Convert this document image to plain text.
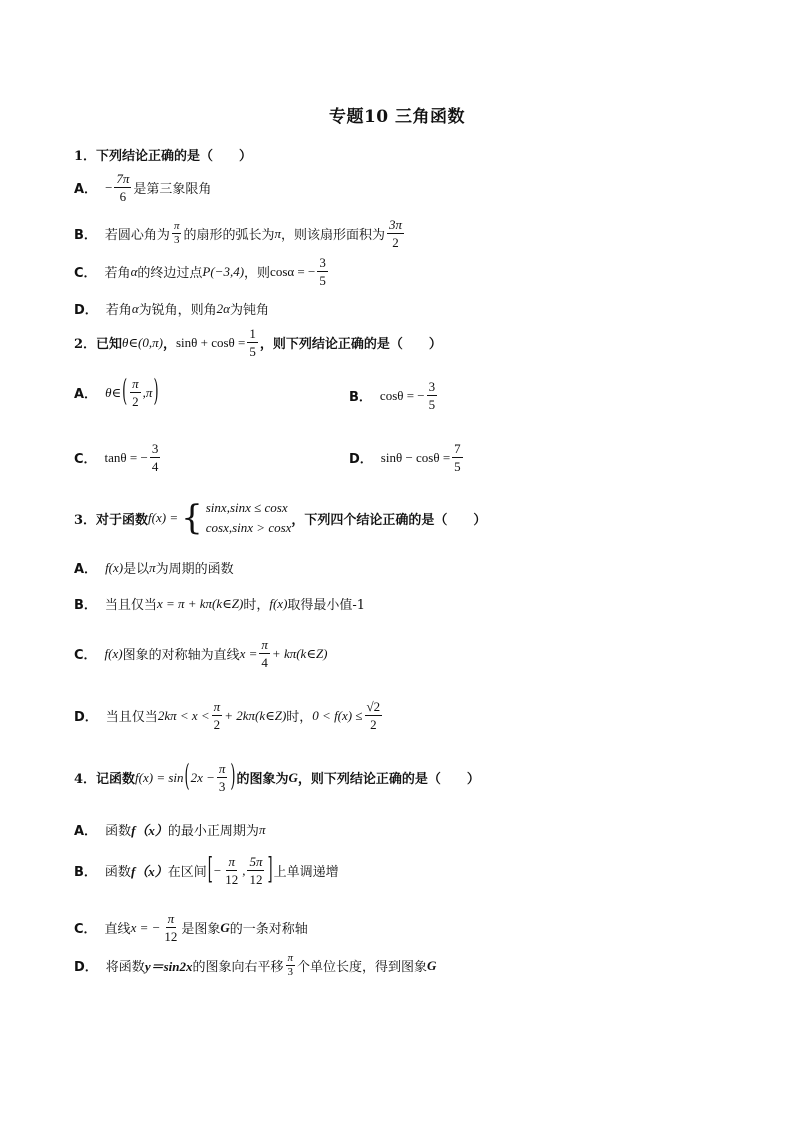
专题10 三角函数
1．下列结论正确的是（　　）
A． − $\frac{7\pi}{6}$ 是第三象限角
B． 若圆心角为 $\frac{\pi}{3}$ 的扇形的弧长为 π ，则该扇形面积为 $\frac{3\pi}{2}$
C． 若角 α 的终边过点 P(−3,4) ，则 cosα = − $\frac{3}{5}$
D． 若角 α 为锐角，则角 2α 为钝角
2．已知 θ∈(0,π) ， $\sin\theta + \cos\theta = \frac{1}{5}$ ，则下列结论正确的是（　　）
A． θ∈ ( $\frac{\pi}{2} ,\pi$ )	B． cosθ = − $\frac{3}{5}$
C． tanθ = − $\frac{3}{4}$	D． $\sin\theta - \cos\theta = \frac{7}{5}$
3．对于函数 f(x) = { sinx,sinx ≤ cosx
cosx,sinx > cosx ，下列四个结论正确的是（　　）
A． f(x) 是以 π 为周期的函数
B． 当且仅当 x = π + kπ(k∈Z) 时， f(x) 取得最小值-1
C． f(x) 图象的对称轴为直线 $x = \frac{\pi}{4}$ + kπ(k∈Z)
D． 当且仅当 $2k\pi < x < \frac{\pi}{2}$ + 2kπ(k∈Z) 时， $0 < f(x) \le \frac{√2}{2}$
4．记函数 f(x) = sin ( $2x - \frac{\pi}{3}$ ) 的图象为 G ，则下列结论正确的是（　　）
A． 函数 f（x） 的最小正周期为 π
B． 函数 f（x） 在区间 [ − $\frac{\pi}{12}$ , $\frac{5\pi}{12}$ ] 上单调递增
C． 直线 x = − $\frac{\pi}{12}$ 是图象 G 的一条对称轴
D． 将函数 y＝sin2x 的图象向右平移 $\frac{\pi}{3}$ 个单位长度，得到图象 G
